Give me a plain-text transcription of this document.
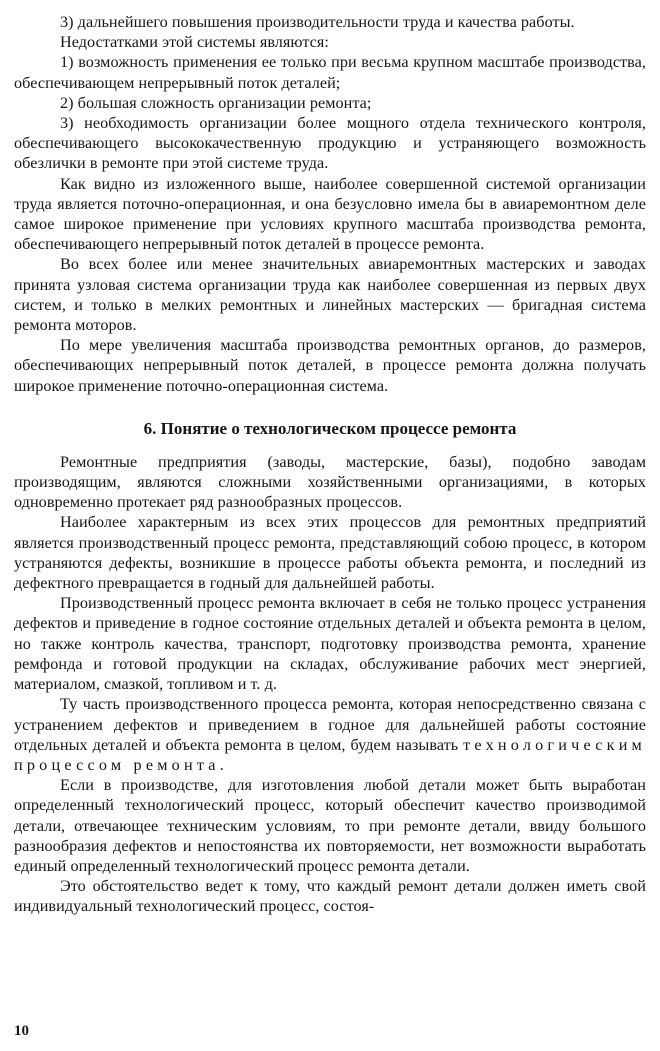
3) дальнейшего повышения производительности труда и качества работы.

Недостатками этой системы являются:

1) возможность применения ее только при весьма крупном масштабе производства, обеспечивающем непрерывный поток деталей;

2) большая сложность организации ремонта;

3) необходимость организации более мощного отдела технического контроля, обеспечивающего высококачественную продукцию и устраняющего возможность обезлички в ремонте при этой системе труда.

Как видно из изложенного выше, наиболее совершенной системой организации труда является поточно-операционная, и она безусловно имела бы в авиаремонтном деле самое широкое применение при условиях крупного масштаба производства ремонта, обеспечивающего непрерывный поток деталей в процессе ремонта.

Во всех более или менее значительных авиаремонтных мастерских и заводах принята узловая система организации труда как наиболее совершенная из первых двух систем, и только в мелких ремонтных и линейных мастерских — бригадная система ремонта моторов.

По мере увеличения масштаба производства ремонтных органов, до размеров, обеспечивающих непрерывный поток деталей, в процессе ремонта должна получать широкое применение поточно-операционная система.

6. Понятие о технологическом процессе ремонта

Ремонтные предприятия (заводы, мастерские, базы), подобно заводам производящим, являются сложными хозяйственными организациями, в которых одновременно протекает ряд разнообразных процессов.

Наиболее характерным из всех этих процессов для ремонтных предприятий является производственный процесс ремонта, представляющий собою процесс, в котором устраняются дефекты, возникшие в процессе работы объекта ремонта, и последний из дефектного превращается в годный для дальнейшей работы.

Производственный процесс ремонта включает в себя не только процесс устранения дефектов и приведение в годное состояние отдельных деталей и объекта ремонта в целом, но также контроль качества, транспорт, подготовку производства ремонта, хранение ремфонда и готовой продукции на складах, обслуживание рабочих мест энергией, материалом, смазкой, топливом и т. д.

Ту часть производственного процесса ремонта, которая непосредственно связана с устранением дефектов и приведением в годное для дальнейшей работы состояние отдельных деталей и объекта ремонта в целом, будем называть технологическим процессом ремонта.

Если в производстве, для изготовления любой детали может быть выработан определенный технологический процесс, который обеспечит качество производимой детали, отвечающее техническим условиям, то при ремонте детали, ввиду большого разнообразия дефектов и непостоянства их повторяемости, нет возможности выработать единый определенный технологический процесс ремонта детали.

Это обстоятельство ведет к тому, что каждый ремонт детали должен иметь свой индивидуальный технологический процесс, состоя-

10
